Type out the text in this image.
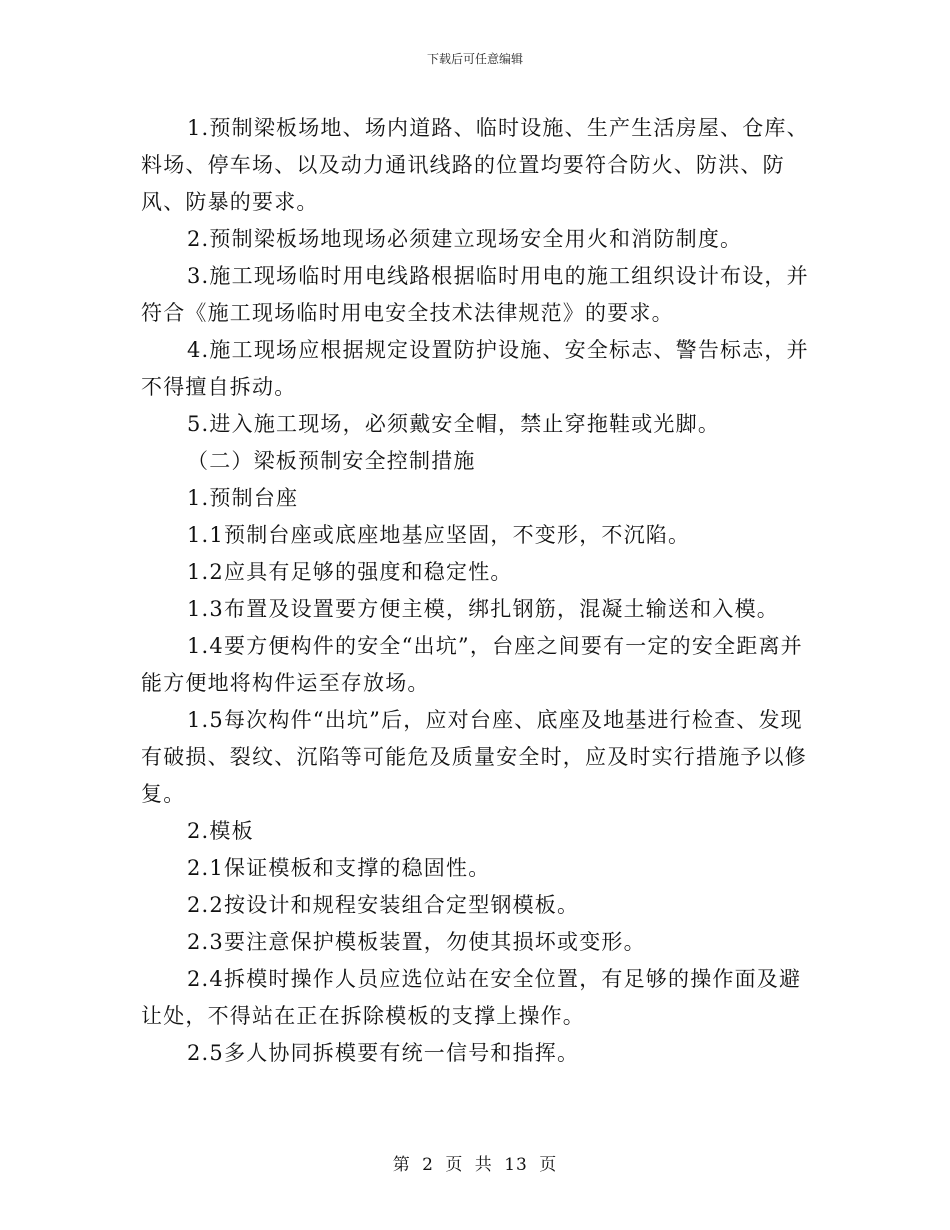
下载后可任意编辑

1.预制梁板场地、场内道路、临时设施、生产生活房屋、仓库、料场、停车场、以及动力通讯线路的位置均要符合防火、防洪、防风、防暴的要求。

2.预制梁板场地现场必须建立现场安全用火和消防制度。

3.施工现场临时用电线路根据临时用电的施工组织设计布设，并符合《施工现场临时用电安全技术法律规范》的要求。

4.施工现场应根据规定设置防护设施、安全标志、警告标志，并不得擅自拆动。

5.进入施工现场，必须戴安全帽，禁止穿拖鞋或光脚。

（二）梁板预制安全控制措施

1.预制台座

1.1预制台座或底座地基应坚固，不变形，不沉陷。

1.2应具有足够的强度和稳定性。

1.3布置及设置要方便主模，绑扎钢筋，混凝土输送和入模。

1.4要方便构件的安全“出坑”，台座之间要有一定的安全距离并能方便地将构件运至存放场。

1.5每次构件“出坑”后，应对台座、底座及地基进行检查、发现有破损、裂纹、沉陷等可能危及质量安全时，应及时实行措施予以修复。

2.模板

2.1保证模板和支撑的稳固性。

2.2按设计和规程安装组合定型钢模板。

2.3要注意保护模板装置，勿使其损坏或变形。

2.4拆模时操作人员应选位站在安全位置，有足够的操作面及避让处，不得站在正在拆除模板的支撑上操作。

2.5多人协同拆模要有统一信号和指挥。

第 2 页 共 13 页
